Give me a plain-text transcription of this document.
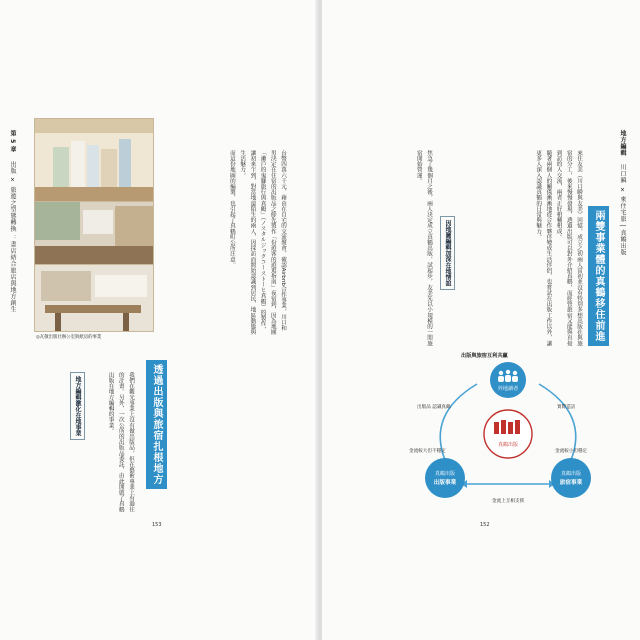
第 5 章 出版 × 旅遊之型態轉換 ：書店結合旅店與地方創生
◎瓦敬出版社辦公室與紙房的事業
台幣四萬六千元，藉由在自宅的交流聚會，確認Airbnb合作事業，川口和男決定在住宿的出版品之餘先製作「份遊客的遊逛指南」夜宿到，因為地圖「瀨戶的鬼腳旅行與真鶴」（ノスタルジックコーストーヒ真鶴）的製作，讓初來乍到，對當地還陌生的兩人，因採訪而開始認識到居民，地區動態與生活魅力。
而這份地圖的編製，也引起了真鶴町公所注意。
透過出版與旅宿扎根地方
地方編輯激化在地事業	我們在觀光事業上沒有做出版品，但在藝術專業上有過往的計畫。另外，一次公所的出版品委託，由此開啟了真鶴出版在地方編輯的事業。
153
地方編輯 川口瞬 × 來住宅旅 | 真鶴出版
兩雙事業體的真鶴移住前進
來住友美（川口瞬與友美）回憶，成立之初兩人當初並沒有特別多想出版社與旅宿的分工，後來慢慢發現，透過出版可以對外介紹真鶴，而經營旅宿又能與直接到訪的人交流，兩者正好相輔相成。
隨著兩個人的關係漸漸地從合作夥伴變成生活伴侶，也嘗試在出版工作以外，讓更多人深入認識真鶴的日常與魅力。
因地圖編輯加深在地情誼
焦急了幾個月之後，兩人決定成立真鶴出版，試起步，友美先以小規模的一間旅宿開始營運。
152
出版與旅宿互利共贏
外地讀者
真鶴出版
真鶴出版
出版事業
真鶴出版
旅宿事業
出版品 認識真鶴	實際造訪
金流較大但不穩定	金流較小但穩定
金流上互相支援
